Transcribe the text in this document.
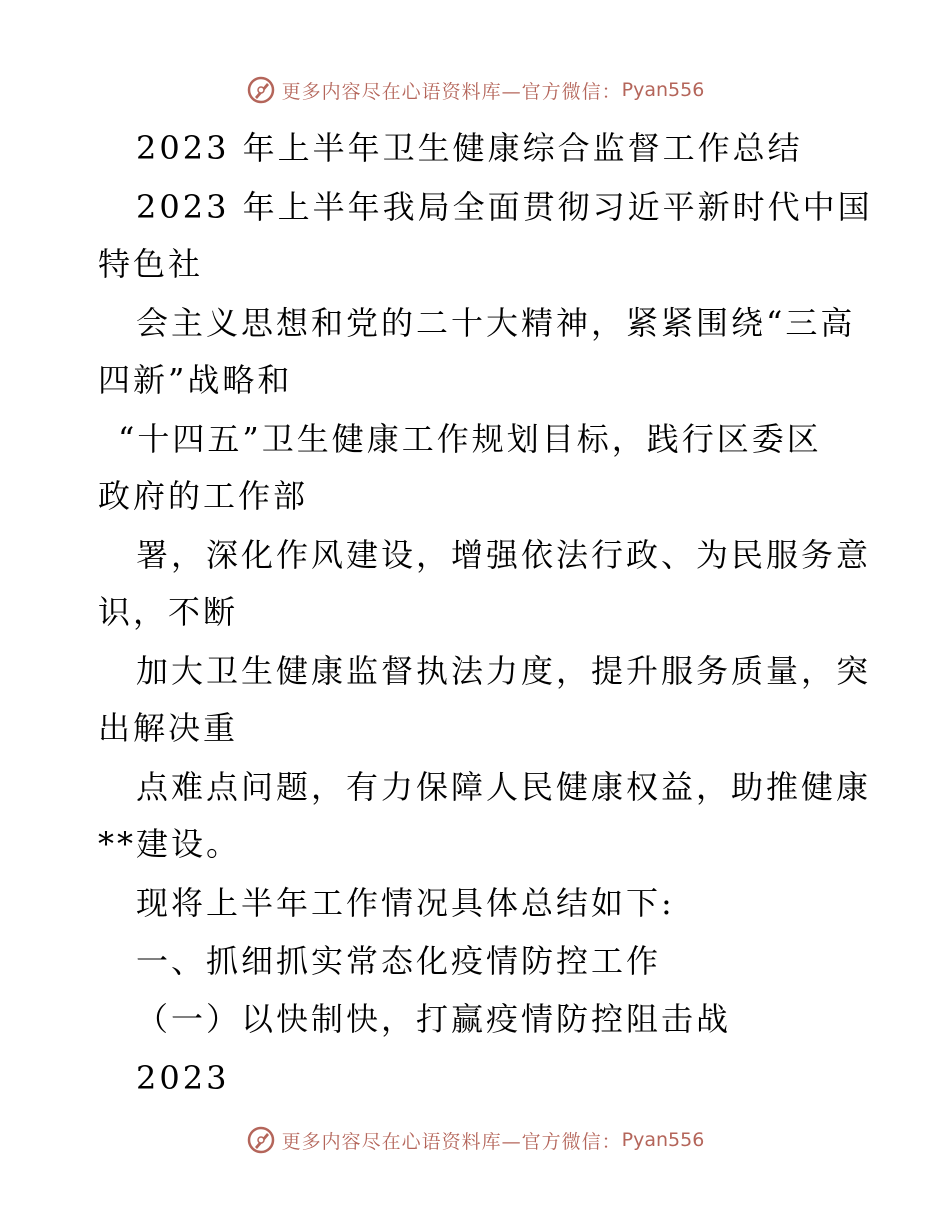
更多内容尽在心语资料库—官方微信： Pyan556
2023 年上半年卫生健康综合监督工作总结
2023 年上半年我局全面贯彻习近平新时代中国
特色社
会主义思想和党的二十大精神，紧紧围绕“三高
四新”战略和
“十四五”卫生健康工作规划目标，践行区委区
政府的工作部
署，深化作风建设，增强依法行政、为民服务意
识，不断
加大卫生健康监督执法力度，提升服务质量，突
出解决重
点难点问题，有力保障人民健康权益，助推健康
**建设。
现将上半年工作情况具体总结如下:
一、抓细抓实常态化疫情防控工作
（一）以快制快，打赢疫情防控阻击战
2023
更多内容尽在心语资料库—官方微信： Pyan556
